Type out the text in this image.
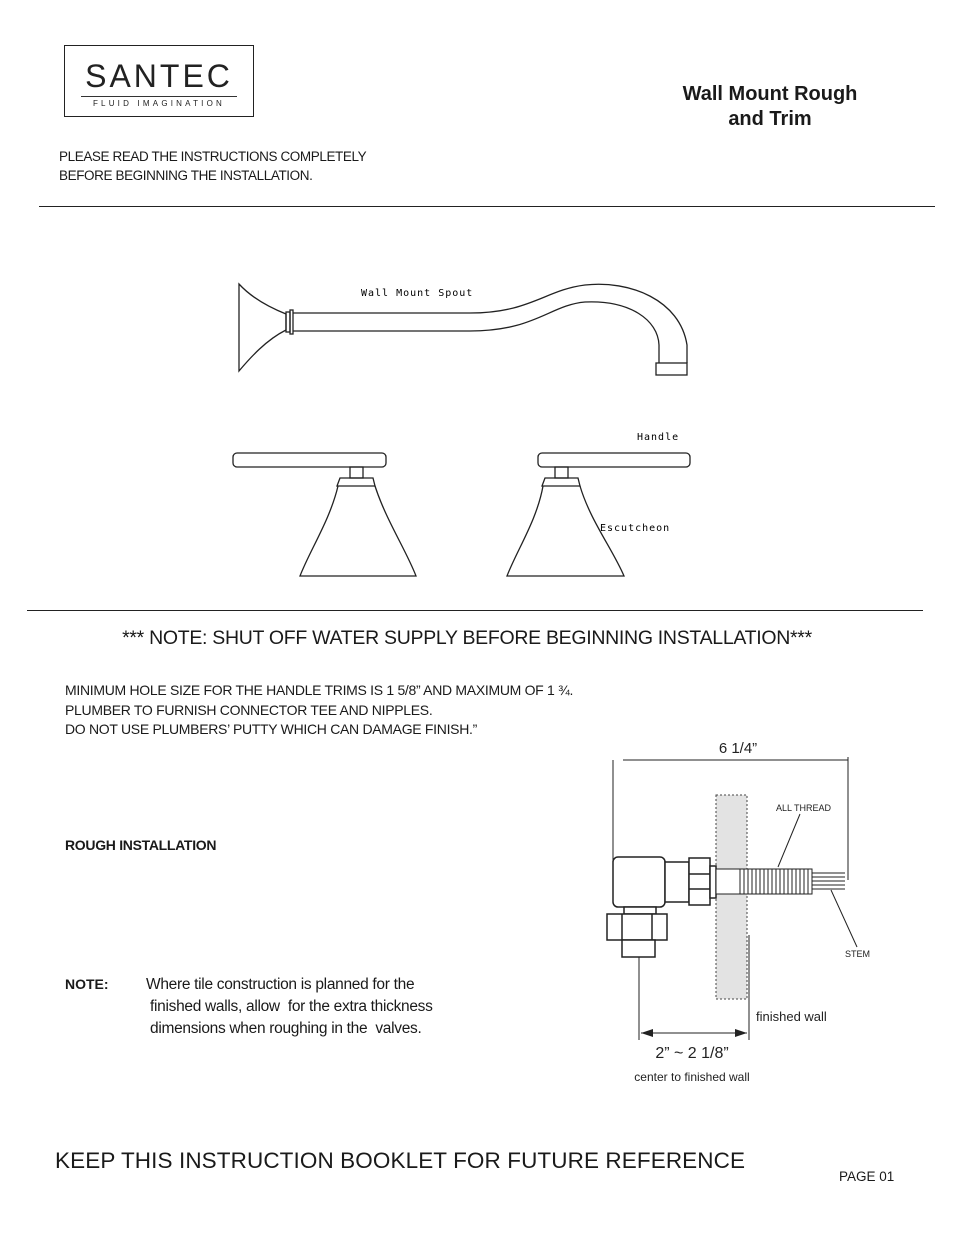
SANTEC
FLUID IMAGINATION	Wall Mount Rough
and Trim
PLEASE READ THE INSTRUCTIONS COMPLETELY
BEFORE BEGINNING THE INSTALLATION.
Wall Mount Spout
Handle
Escutcheon
*** NOTE: SHUT OFF WATER SUPPLY BEFORE BEGINNING INSTALLATION***
MINIMUM HOLE SIZE FOR THE HANDLE TRIMS IS 1 5/8” AND MAXIMUM OF 1 ¾.
PLUMBER TO FURNISH CONNECTOR TEE AND NIPPLES.
DO NOT USE PLUMBERS’ PUTTY WHICH CAN DAMAGE FINISH.”
ROUGH INSTALLATION
NOTE: Where tile construction is planned for the
finished walls, allow  for the extra thickness
dimensions when roughing in the  valves.
6 1/4”
ALL THREAD
STEM
finished wall
2” ~ 2 1/8”
center to finished wall
KEEP THIS INSTRUCTION BOOKLET FOR FUTURE REFERENCE
PAGE 01
